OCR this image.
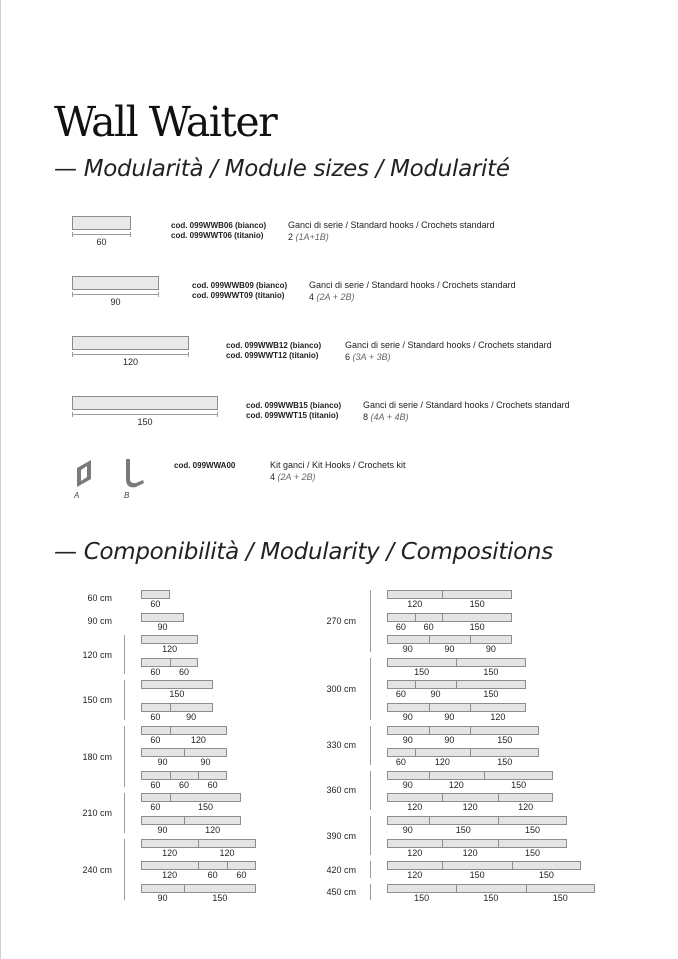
Wall Waiter
— Modularità / Module sizes / Modularité
60
cod. 099WWB06 (bianco)
cod. 099WWT06 (titanio)
Ganci di serie / Standard hooks / Crochets standard
2 (1A+1B)
90
cod. 099WWB09 (bianco)
cod. 099WWT09 (titanio)
Ganci di serie / Standard hooks / Crochets standard
4 (2A + 2B)
120
cod. 099WWB12 (bianco)
cod. 099WWT12 (titanio)
Ganci di serie / Standard hooks / Crochets standard
6 (3A + 3B)
150
cod. 099WWB15 (bianco)
cod. 099WWT15 (titanio)
Ganci di serie / Standard hooks / Crochets standard
8 (4A + 4B)
A	B
cod. 099WWA00	Kit ganci / Kit Hooks / Crochets kit
4 (2A + 2B)
— Componibilità / Modularity / Compositions
60 cm
60
90 cm
90
120 cm
120
60	60
150 cm
150
60	90
180 cm
60	120
90	90
60	60	60
210 cm
60	150
90	120
240 cm
120	120
120	60	60
90	150
270 cm
120	150
60	60	150
90	90	90
300 cm
150	150
60	90	150
90	90	120
330 cm
90	90	150
60	120	150
360 cm
90	120	150
120	120	120
390 cm
90	150	150
120	120	150
420 cm
120	150	150
450 cm
150	150	150
